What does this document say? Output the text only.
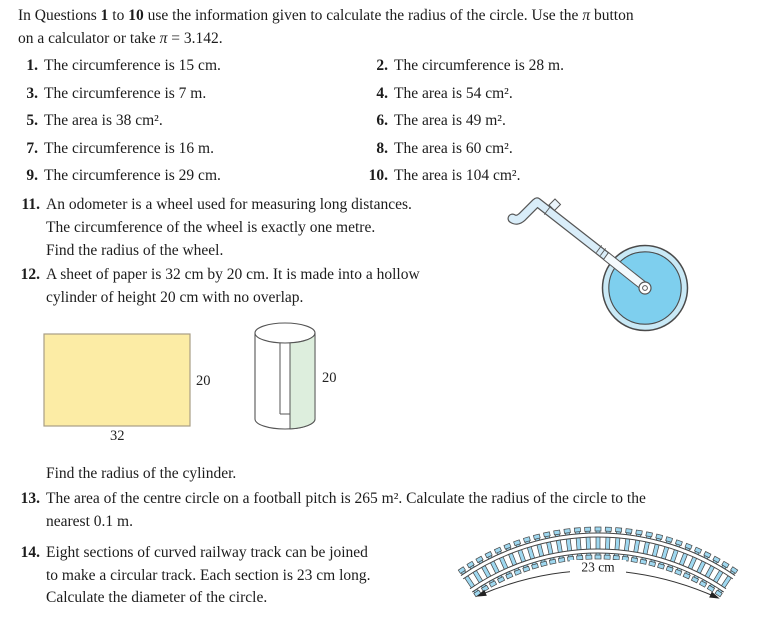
In Questions 1 to 10 use the information given to calculate the radius of the circle. Use the π button
on a calculator or take π = 3.142.
1. The circumference is 15 cm.	2. The circumference is 28 m.
3. The circumference is 7 m.	4. The area is 54 cm².
5. The area is 38 cm².	6. The area is 49 m².
7. The circumference is 16 m.	8. The area is 60 cm².
9. The circumference is 29 cm.	10. The area is 104 cm².
11. An odometer is a wheel used for measuring long distances.
The circumference of the wheel is exactly one metre.
Find the radius of the wheel.
12. A sheet of paper is 32 cm by 20 cm. It is made into a hollow
cylinder of height 20 cm with no overlap.
20
32
20
Find the radius of the cylinder.
13. The area of the centre circle on a football pitch is 265 m². Calculate the radius of the circle to the
nearest 0.1 m.
14. Eight sections of curved railway track can be joined
to make a circular track. Each section is 23 cm long.
Calculate the diameter of the circle.
23 cm
